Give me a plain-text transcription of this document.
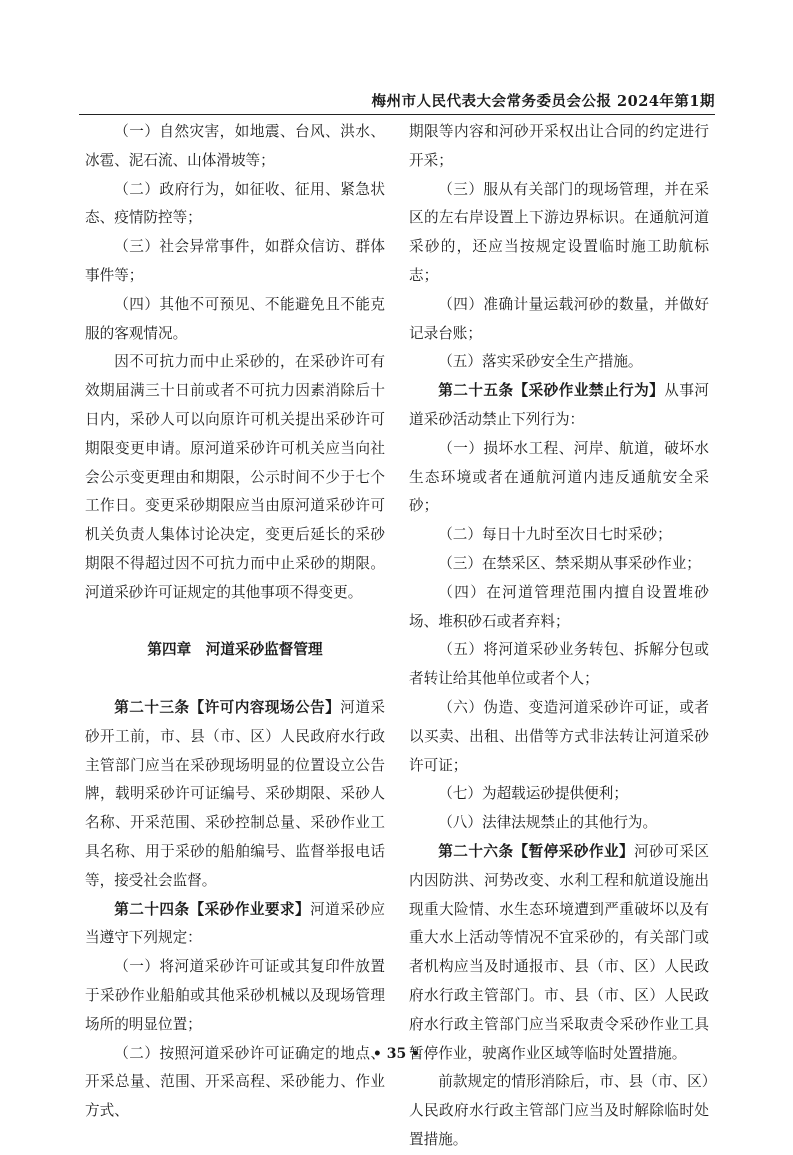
梅州市人民代表大会常务委员会公报 2024年第1期

（一）自然灾害，如地震、台风、洪水、冰雹、泥石流、山体滑坡等；

（二）政府行为，如征收、征用、紧急状态、疫情防控等；

（三）社会异常事件，如群众信访、群体事件等；

（四）其他不可预见、不能避免且不能克服的客观情况。

因不可抗力而中止采砂的，在采砂许可有效期届满三十日前或者不可抗力因素消除后十日内，采砂人可以向原许可机关提出采砂许可期限变更申请。原河道采砂许可机关应当向社会公示变更理由和期限，公示时间不少于七个工作日。变更采砂期限应当由原河道采砂许可机关负责人集体讨论决定，变更后延长的采砂期限不得超过因不可抗力而中止采砂的期限。河道采砂许可证规定的其他事项不得变更。

第四章　河道采砂监督管理

第二十三条【许可内容现场公告】河道采砂开工前，市、县（市、区）人民政府水行政主管部门应当在采砂现场明显的位置设立公告牌，载明采砂许可证编号、采砂期限、采砂人名称、开采范围、采砂控制总量、采砂作业工具名称、用于采砂的船舶编号、监督举报电话等，接受社会监督。

第二十四条【采砂作业要求】河道采砂应当遵守下列规定：

（一）将河道采砂许可证或其复印件放置于采砂作业船舶或其他采砂机械以及现场管理场所的明显位置；

（二）按照河道采砂许可证确定的地点、开采总量、范围、开采高程、采砂能力、作业方式、

期限等内容和河砂开采权出让合同的约定进行开采；

（三）服从有关部门的现场管理，并在采区的左右岸设置上下游边界标识。在通航河道采砂的，还应当按规定设置临时施工助航标志；

（四）准确计量运载河砂的数量，并做好记录台账；

（五）落实采砂安全生产措施。

第二十五条【采砂作业禁止行为】从事河道采砂活动禁止下列行为：

（一）损坏水工程、河岸、航道，破坏水生态环境或者在通航河道内违反通航安全采砂；

（二）每日十九时至次日七时采砂；

（三）在禁采区、禁采期从事采砂作业；

（四）在河道管理范围内擅自设置堆砂场、堆积砂石或者弃料；

（五）将河道采砂业务转包、拆解分包或者转让给其他单位或者个人；

（六）伪造、变造河道采砂许可证，或者以买卖、出租、出借等方式非法转让河道采砂许可证；

（七）为超载运砂提供便利；

（八）法律法规禁止的其他行为。

第二十六条【暂停采砂作业】河砂可采区内因防洪、河势改变、水利工程和航道设施出现重大险情、水生态环境遭到严重破坏以及有重大水上活动等情况不宜采砂的，有关部门或者机构应当及时通报市、县（市、区）人民政府水行政主管部门。市、县（市、区）人民政府水行政主管部门应当采取责令采砂作业工具暂停作业，驶离作业区域等临时处置措施。

前款规定的情形消除后，市、县（市、区）人民政府水行政主管部门应当及时解除临时处置措施。

• 35 •
